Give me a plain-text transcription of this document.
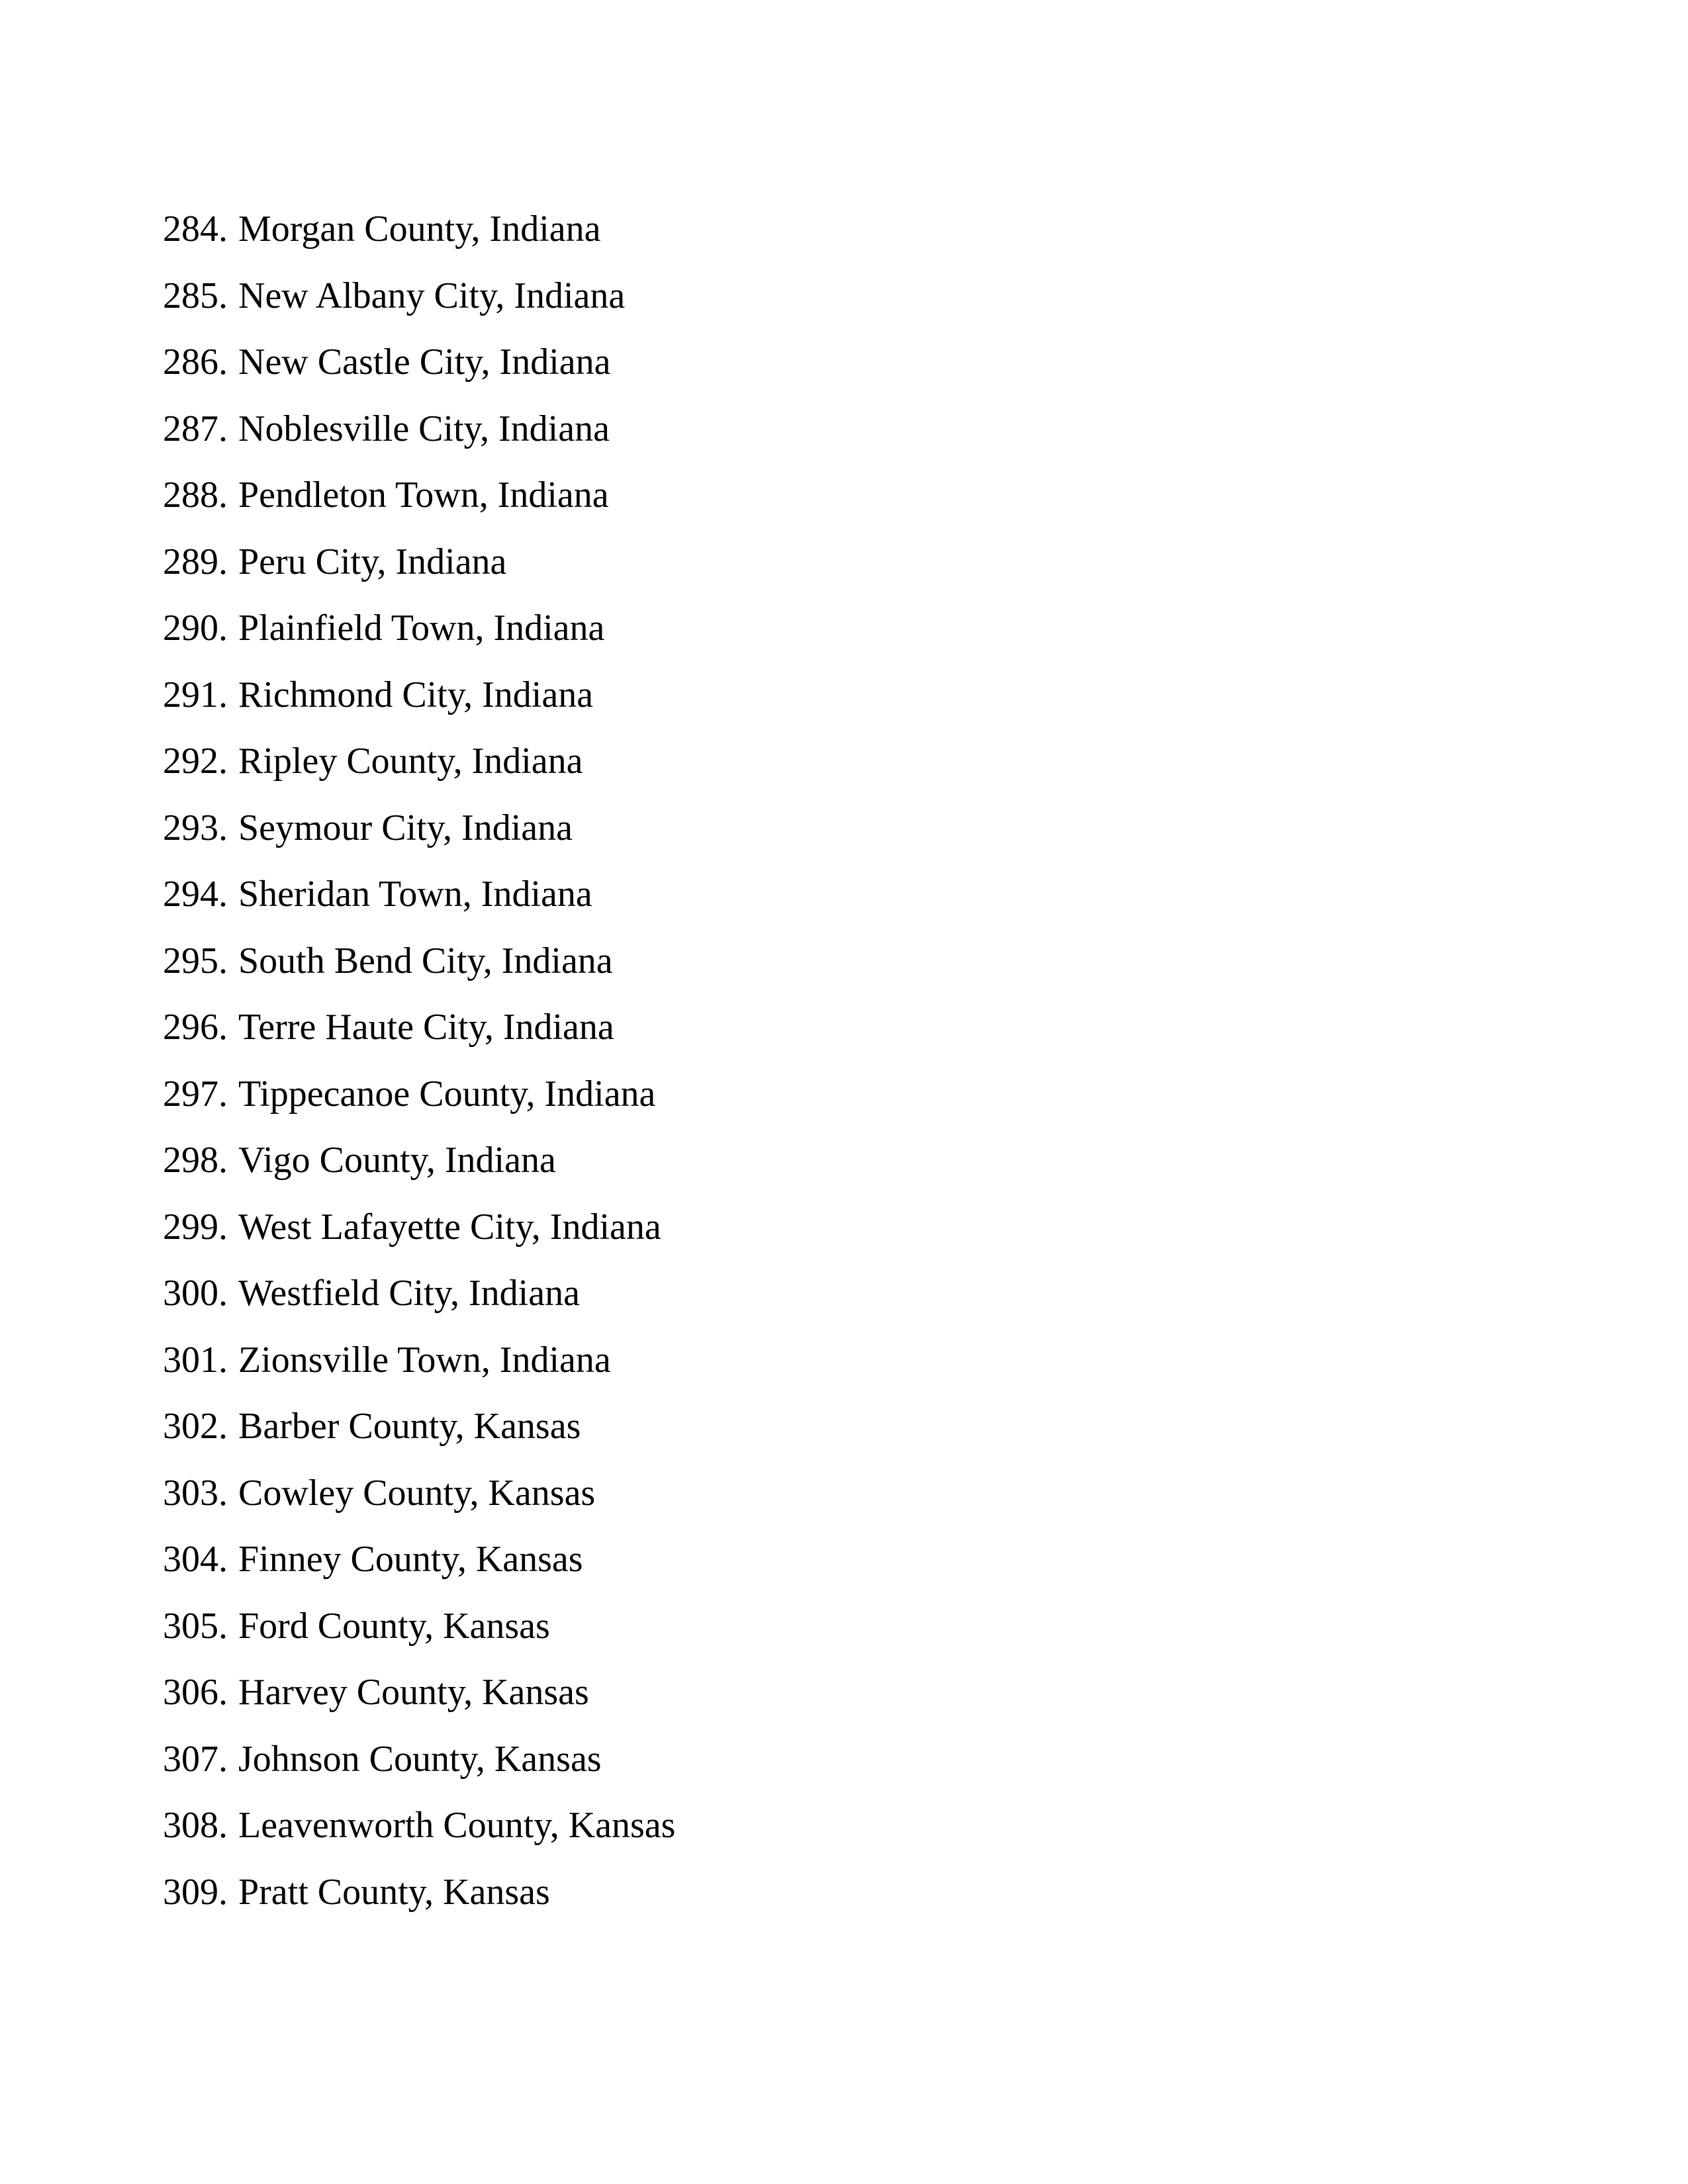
284. Morgan County, Indiana
285. New Albany City, Indiana
286. New Castle City, Indiana
287. Noblesville City, Indiana
288. Pendleton Town, Indiana
289. Peru City, Indiana
290. Plainfield Town, Indiana
291. Richmond City, Indiana
292. Ripley County, Indiana
293. Seymour City, Indiana
294. Sheridan Town, Indiana
295. South Bend City, Indiana
296. Terre Haute City, Indiana
297. Tippecanoe County, Indiana
298. Vigo County, Indiana
299. West Lafayette City, Indiana
300. Westfield City, Indiana
301. Zionsville Town, Indiana
302. Barber County, Kansas
303. Cowley County, Kansas
304. Finney County, Kansas
305. Ford County, Kansas
306. Harvey County, Kansas
307. Johnson County, Kansas
308. Leavenworth County, Kansas
309. Pratt County, Kansas
